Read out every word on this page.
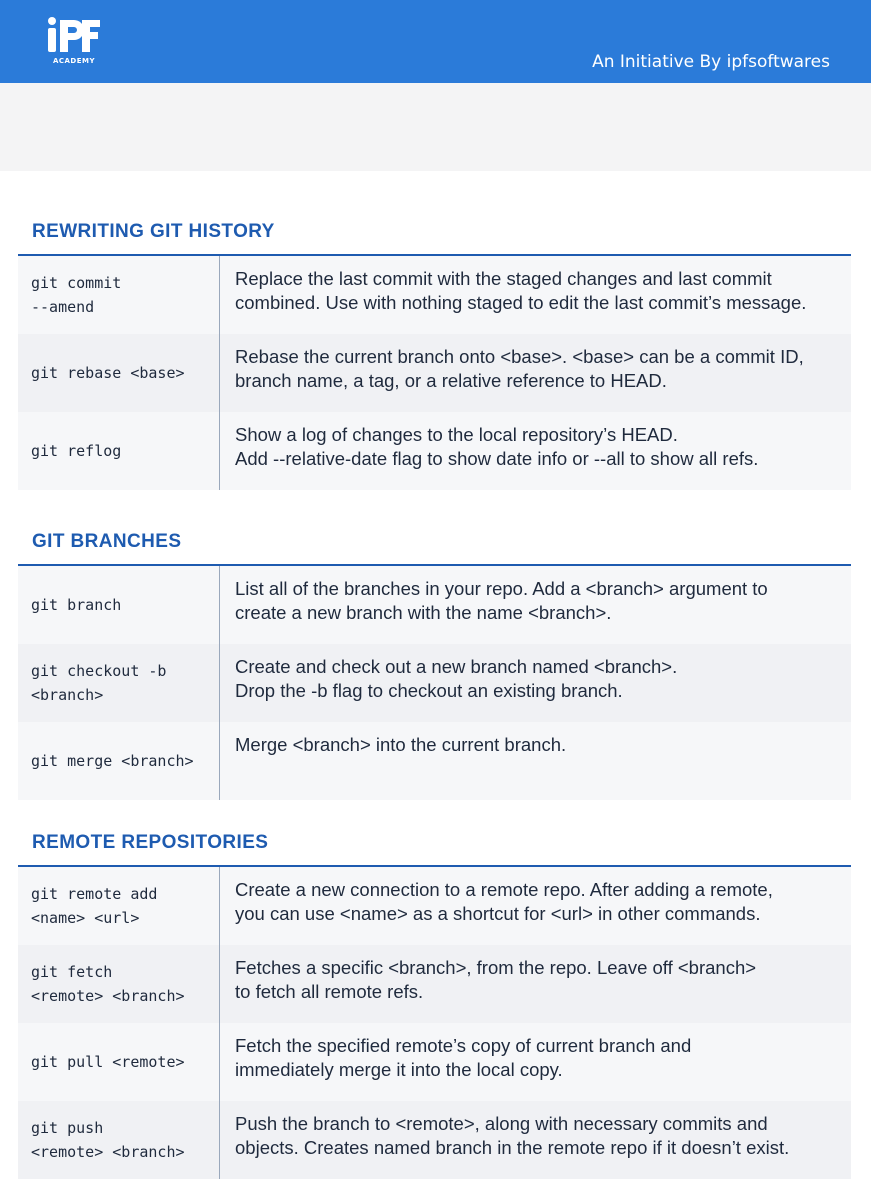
ACADEMY	An Initiative By ipfsoftwares
REWRITING GIT HISTORY
git commit
--amend
Replace the last commit with the staged changes and last commit
combined. Use with nothing staged to edit the last commit’s message.
git rebase <base>
Rebase the current branch onto <base>. <base> can be a commit ID,
branch name, a tag, or a relative reference to HEAD.
git reflog
Show a log of changes to the local repository’s HEAD.
Add --relative-date flag to show date info or --all to show all refs.
GIT BRANCHES
git branch
List all of the branches in your repo. Add a <branch> argument to
create a new branch with the name <branch>.
git checkout -b
<branch>
Create and check out a new branch named <branch>.
Drop the -b flag to checkout an existing branch.
git merge <branch>
Merge <branch> into the current branch.
REMOTE REPOSITORIES
git remote add
<name> <url>
Create a new connection to a remote repo. After adding a remote,
you can use <name> as a shortcut for <url> in other commands.
git fetch
<remote> <branch>
Fetches a specific <branch>, from the repo. Leave off <branch>
to fetch all remote refs.
git pull <remote>
Fetch the specified remote’s copy of current branch and
immediately merge it into the local copy.
git push
<remote> <branch>
Push the branch to <remote>, along with necessary commits and
objects. Creates named branch in the remote repo if it doesn’t exist.
